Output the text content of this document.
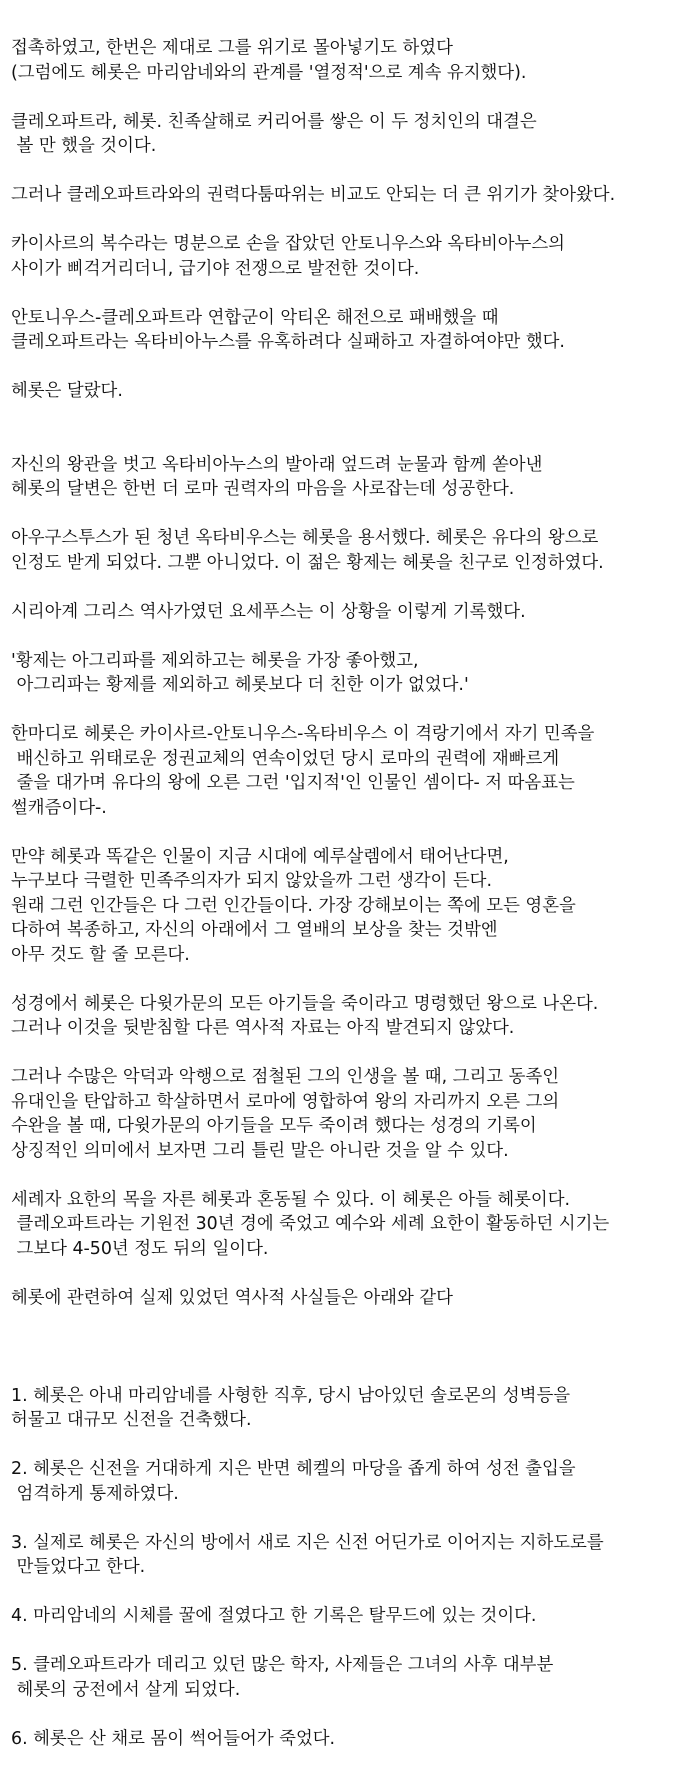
접촉하였고, 한번은 제대로 그를 위기로 몰아넣기도 하였다
(그럼에도 헤롯은 마리암네와의 관계를 '열정적'으로 계속 유지했다).

클레오파트라, 헤롯. 친족살해로 커리어를 쌓은 이 두 정치인의 대결은
볼 만 했을 것이다.

그러나 클레오파트라와의 권력다툼따위는 비교도 안되는 더 큰 위기가 찾아왔다.

카이사르의 복수라는 명분으로 손을 잡았던 안토니우스와 옥타비아누스의
사이가 삐걱거리더니, 급기야 전쟁으로 발전한 것이다.

안토니우스-클레오파트라 연합군이 악티온 해전으로 패배했을 때
클레오파트라는 옥타비아누스를 유혹하려다 실패하고 자결하여야만 했다.

헤롯은 달랐다.

자신의 왕관을 벗고 옥타비아누스의 발아래 엎드려 눈물과 함께 쏟아낸
헤롯의 달변은 한번 더 로마 권력자의 마음을 사로잡는데 성공한다.

아우구스투스가 된 청년 옥타비우스는 헤롯을 용서했다. 헤롯은 유다의 왕으로
인정도 받게 되었다. 그뿐 아니었다. 이 젊은 황제는 헤롯을 친구로 인정하였다.

시리아계 그리스 역사가였던 요세푸스는 이 상황을 이렇게 기록했다.

'황제는 아그리파를 제외하고는 헤롯을 가장 좋아했고,
아그리파는 황제를 제외하고 헤롯보다 더 친한 이가 없었다.'

한마디로 헤롯은 카이사르-안토니우스-옥타비우스 이 격랑기에서 자기 민족을
배신하고 위태로운 정권교체의 연속이었던 당시 로마의 권력에 재빠르게
줄을 대가며 유다의 왕에 오른 그런 '입지적'인 인물인 셈이다- 저 따옴표는
썰캐즘이다-.

만약 헤롯과 똑같은 인물이 지금 시대에 예루살렘에서 태어난다면,
누구보다 극렬한 민족주의자가 되지 않았을까 그런 생각이 든다.
원래 그런 인간들은 다 그런 인간들이다. 가장 강해보이는 쪽에 모든 영혼을
다하여 복종하고, 자신의 아래에서 그 열배의 보상을 찾는 것밖엔
아무 것도 할 줄 모른다.

성경에서 헤롯은 다윗가문의 모든 아기들을 죽이라고 명령했던 왕으로 나온다.
그러나 이것을 뒷받침할 다른 역사적 자료는 아직 발견되지 않았다.

그러나 수많은 악덕과 악행으로 점철된 그의 인생을 볼 때, 그리고 동족인
유대인을 탄압하고 학살하면서 로마에 영합하여 왕의 자리까지 오른 그의
수완을 볼 때, 다윗가문의 아기들을 모두 죽이려 했다는 성경의 기록이
상징적인 의미에서 보자면 그리 틀린 말은 아니란 것을 알 수 있다.

세례자 요한의 목을 자른 헤롯과 혼동될 수 있다. 이 헤롯은 아들 헤롯이다.
클레오파트라는 기원전 30년 경에 죽었고 예수와 세례 요한이 활동하던 시기는
그보다 4-50년 정도 뒤의 일이다.

헤롯에 관련하여 실제 있었던 역사적 사실들은 아래와 같다

1. 헤롯은 아내 마리암네를 사형한 직후, 당시 남아있던 솔로몬의 성벽등을
허물고 대규모 신전을 건축했다.

2. 헤롯은 신전을 거대하게 지은 반면 헤켈의 마당을 좁게 하여 성전 출입을
엄격하게 통제하였다.

3. 실제로 헤롯은 자신의 방에서 새로 지은 신전 어딘가로 이어지는 지하도로를
만들었다고 한다.

4. 마리암네의 시체를 꿀에 절였다고 한 기록은 탈무드에 있는 것이다.

5. 클레오파트라가 데리고 있던 많은 학자, 사제들은 그녀의 사후 대부분
헤롯의 궁전에서 살게 되었다.

6. 헤롯은 산 채로 몸이 썩어들어가 죽었다.
